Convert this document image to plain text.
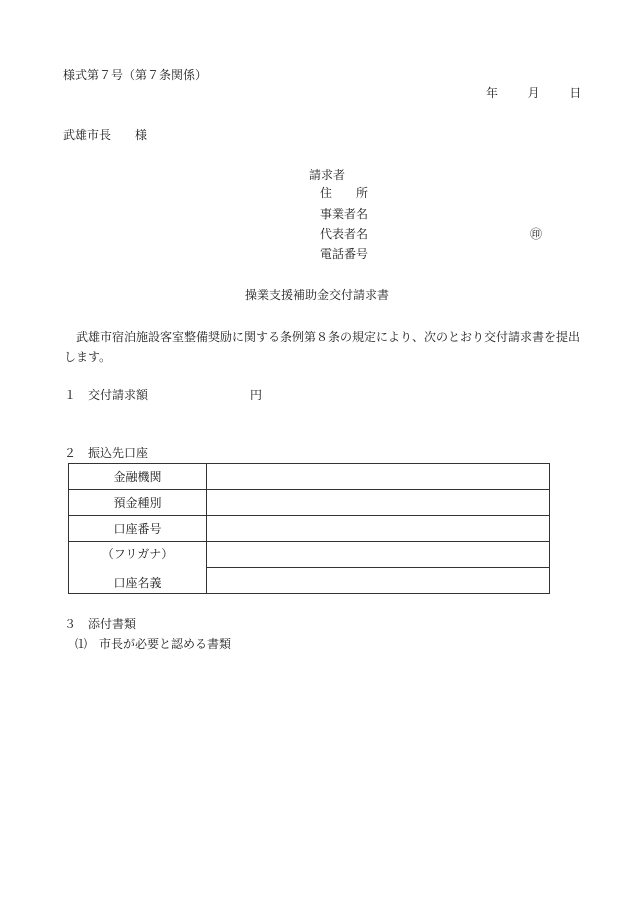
様式第７号（第７条関係）
年 月 日
武雄市長　　様
請求者
住　　所
事業者名
代表者名	㊞
電話番号
操業支援補助金交付請求書
武雄市宿泊施設客室整備奨励に関する条例第８条の規定により、次のとおり交付請求書を提出します。
１　交付請求額	円
２　振込先口座
金融機関	
預金種別	
口座番号	

（フリガナ）
口座名義	

３　添付書類
⑴　市長が必要と認める書類
